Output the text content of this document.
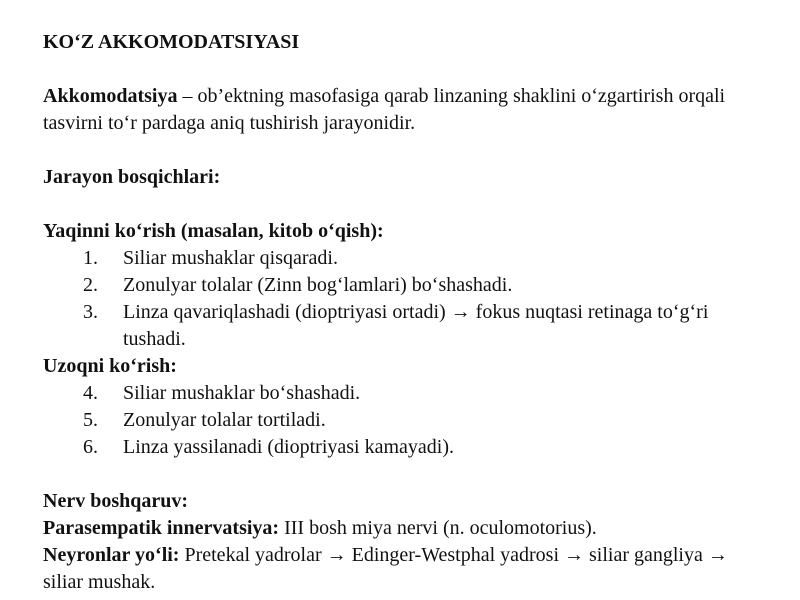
KO‘Z AKKOMODATSIYASI

Akkomodatsiya – ob’ektning masofasiga qarab linzaning shaklini o‘zgartirish orqali tasvirni to‘r pardaga aniq tushirish jarayonidir.

Jarayon bosqichlari:

Yaqinni ko‘rish (masalan, kitob o‘qish):

1. Siliar mushaklar qisqaradi.
2. Zonulyar tolalar (Zinn bog‘lamlari) bo‘shashadi.
3. Linza qavariqlashadi (dioptriyasi ortadi) → fokus nuqtasi retinaga to‘g‘ri tushadi.

Uzoqni ko‘rish:

4. Siliar mushaklar bo‘shashadi.
5. Zonulyar tolalar tortiladi.
6. Linza yassilanadi (dioptriyasi kamayadi).

Nerv boshqaruv:

Parasempatik innervatsiya: III bosh miya nervi (n. oculomotorius).

Neyronlar yo‘li: Pretekal yadrolar → Edinger-Westphal yadrosi → siliar gangliya → siliar mushak.
